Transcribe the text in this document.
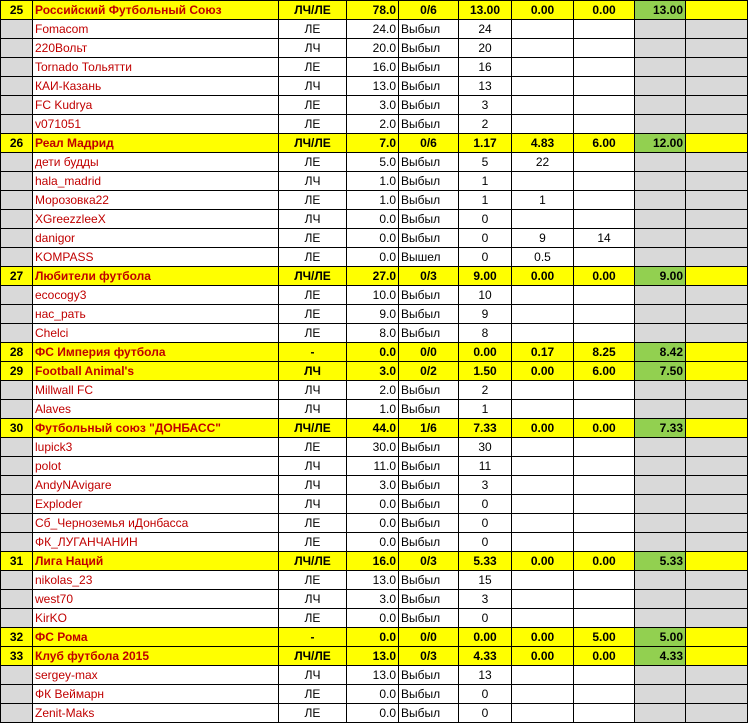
25	Российский Футбольный Союз	ЛЧ/ЛЕ	78.0	0/6	13.00	0.00	0.00	13.00	
	Fomacom	ЛЕ	24.0	Выбыл	24				
	220Вольт	ЛЧ	20.0	Выбыл	20				
	Tornado Тольятти	ЛЕ	16.0	Выбыл	16				
	КАИ-Казань	ЛЧ	13.0	Выбыл	13				
	FC Kudrya	ЛЕ	3.0	Выбыл	3				
	v071051	ЛЕ	2.0	Выбыл	2				
26	Реал Мадрид	ЛЧ/ЛЕ	7.0	0/6	1.17	4.83	6.00	12.00	
	дети будды	ЛЕ	5.0	Выбыл	5	22			
	hala_madrid	ЛЧ	1.0	Выбыл	1				
	Морозовка22	ЛЕ	1.0	Выбыл	1	1			
	XGreezzleeX	ЛЧ	0.0	Выбыл	0				
	danigor	ЛЕ	0.0	Выбыл	0	9	14		
	KOMPASS	ЛЕ	0.0	Вышел	0	0.5			
27	Любители футбола	ЛЧ/ЛЕ	27.0	0/3	9.00	0.00	0.00	9.00	
	ecocogy3	ЛЕ	10.0	Выбыл	10				
	нас_рать	ЛЕ	9.0	Выбыл	9				
	Chelci	ЛЕ	8.0	Выбыл	8				
28	ФС Империя футбола	-	0.0	0/0	0.00	0.17	8.25	8.42	
29	Football Animal's	ЛЧ	3.0	0/2	1.50	0.00	6.00	7.50	
	Millwall FC	ЛЧ	2.0	Выбыл	2				
	Alaves	ЛЧ	1.0	Выбыл	1				
30	Футбольный союз "ДОНБАСС"	ЛЧ/ЛЕ	44.0	1/6	7.33	0.00	0.00	7.33	
	lupick3	ЛЕ	30.0	Выбыл	30				
	polot	ЛЧ	11.0	Выбыл	11				
	AndyNAvigare	ЛЧ	3.0	Выбыл	3				
	Exploder	ЛЧ	0.0	Выбыл	0				
	Сб_Черноземья иДонбасса	ЛЕ	0.0	Выбыл	0				
	ФК_ЛУГАНЧАНИН	ЛЕ	0.0	Выбыл	0				
31	Лига Наций	ЛЧ/ЛЕ	16.0	0/3	5.33	0.00	0.00	5.33	
	nikolas_23	ЛЕ	13.0	Выбыл	15				
	west70	ЛЧ	3.0	Выбыл	3				
	KirKO	ЛЕ	0.0	Выбыл	0				
32	ФС Рома	-	0.0	0/0	0.00	0.00	5.00	5.00	
33	Клуб футбола 2015	ЛЧ/ЛЕ	13.0	0/3	4.33	0.00	0.00	4.33	
	sergey-max	ЛЧ	13.0	Выбыл	13				
	ФК Веймарн	ЛЕ	0.0	Выбыл	0				
	Zenit-Maks	ЛЕ	0.0	Выбыл	0				
